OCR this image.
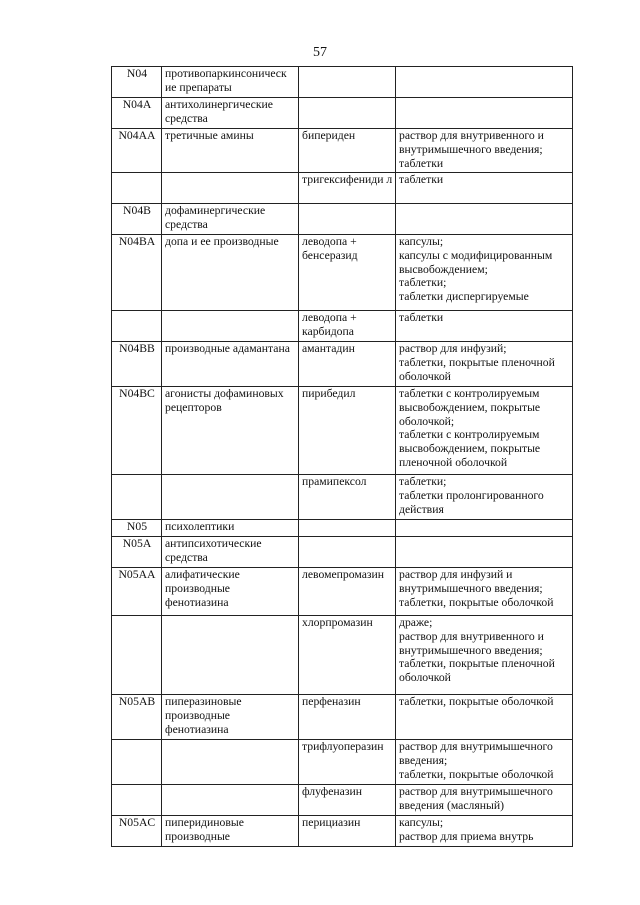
57
N04	противопаркинсоническ ие препараты		
N04A	антихолинергические средства		
N04AA	третичные амины	бипериден	раствор для внутривенного и внутримышечного введения;
таблетки

		тригексифениди л	таблетки

N04B	дофаминергические средства		
N04BA	допа и ее производные	леводопа + бенсеразид	капсулы;
капсулы с модифицированным высвобождением;
таблетки;
таблетки диспергируемые

		леводопа + карбидопа	таблетки

N04BB	производные адамантана	амантадин	раствор для инфузий;
таблетки, покрытые пленочной оболочкой

N04BC	агонисты дофаминовых рецепторов	пирибедил	таблетки с контролируемым высвобождением, покрытые оболочкой;
таблетки с контролируемым высвобождением, покрытые пленочной оболочкой

		прамипексол	таблетки;
таблетки пролонгированного действия

N05	психолептики		
N05A	антипсихотические средства		
N05AA	алифатические производные фенотиазина	левомепромазин	раствор для инфузий и внутримышечного введения;
таблетки, покрытые оболочкой

		хлорпромазин	драже;
раствор для внутривенного и внутримышечного введения;
таблетки, покрытые пленочной оболочкой

N05AB	пиперазиновые производные фенотиазина	перфеназин	таблетки, покрытые оболочкой

		трифлуоперазин	раствор для внутримышечного введения;
таблетки, покрытые оболочкой

		флуфеназин	раствор для внутримышечного введения (масляный)

N05AC	пиперидиновые производные	перициазин	капсулы;
раствор для приема внутрь
